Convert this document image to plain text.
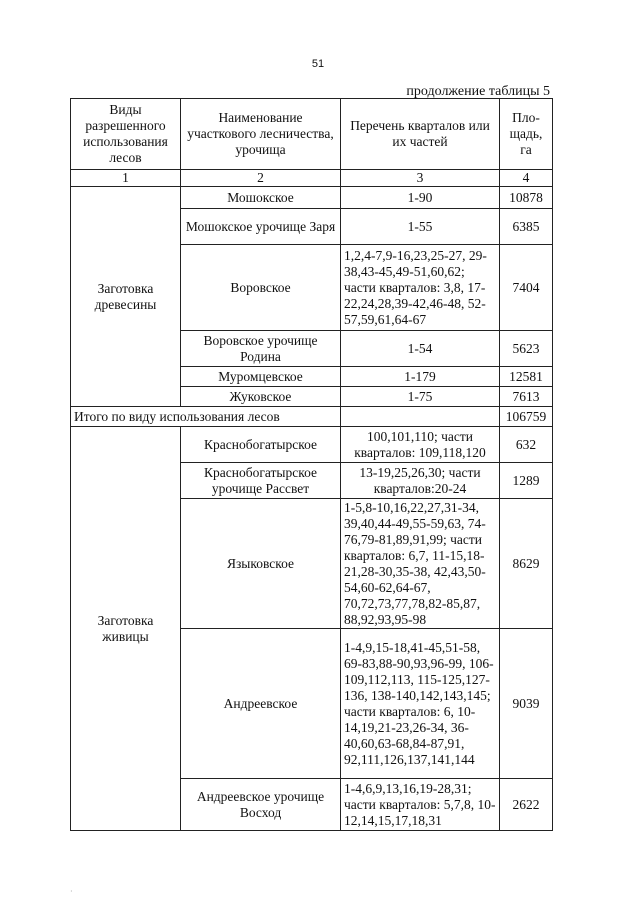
51
продолжение таблицы 5
Виды разрешенного использования лесов	Наименование участкового лесничества, урочища	Перечень кварталов или их частей	Пло-щадь, га
1	2	3	4
Заготовка древесины	Мошокское	1-90	10878
	Мошокское урочище Заря	1-55	6385
	Воровское	1,2,4-7,9-16,23,25-27, 29-38,43-45,49-51,60,62; части кварталов: 3,8, 17-22,24,28,39-42,46-48, 52-57,59,61,64-67	7404
	Воровское урочище Родина	1-54	5623
	Муромцевское	1-179	12581
	Жуковское	1-75	7613
Итого по виду использования лесов			106759
Заготовка живицы	Краснобогатырское	100,101,110; части кварталов: 109,118,120	632
	Краснобогатырское урочище Рассвет	13-19,25,26,30; части кварталов:20-24	1289
	Языковское	1-5,8-10,16,22,27,31-34, 39,40,44-49,55-59,63, 74-76,79-81,89,91,99; части кварталов: 6,7, 11-15,18-21,28-30,35-38, 42,43,50-54,60-62,64-67, 70,72,73,77,78,82-85,87, 88,92,93,95-98	8629
	Андреевское	1-4,9,15-18,41-45,51-58, 69-83,88-90,93,96-99, 106-109,112,113, 115-125,127-136, 138-140,142,143,145; части кварталов: 6, 10-14,19,21-23,26-34, 36-40,60,63-68,84-87,91, 92,111,126,137,141,144	9039
	Андреевское урочище Восход	1-4,6,9,13,16,19-28,31; части кварталов: 5,7,8, 10-12,14,15,17,18,31	2622
·
